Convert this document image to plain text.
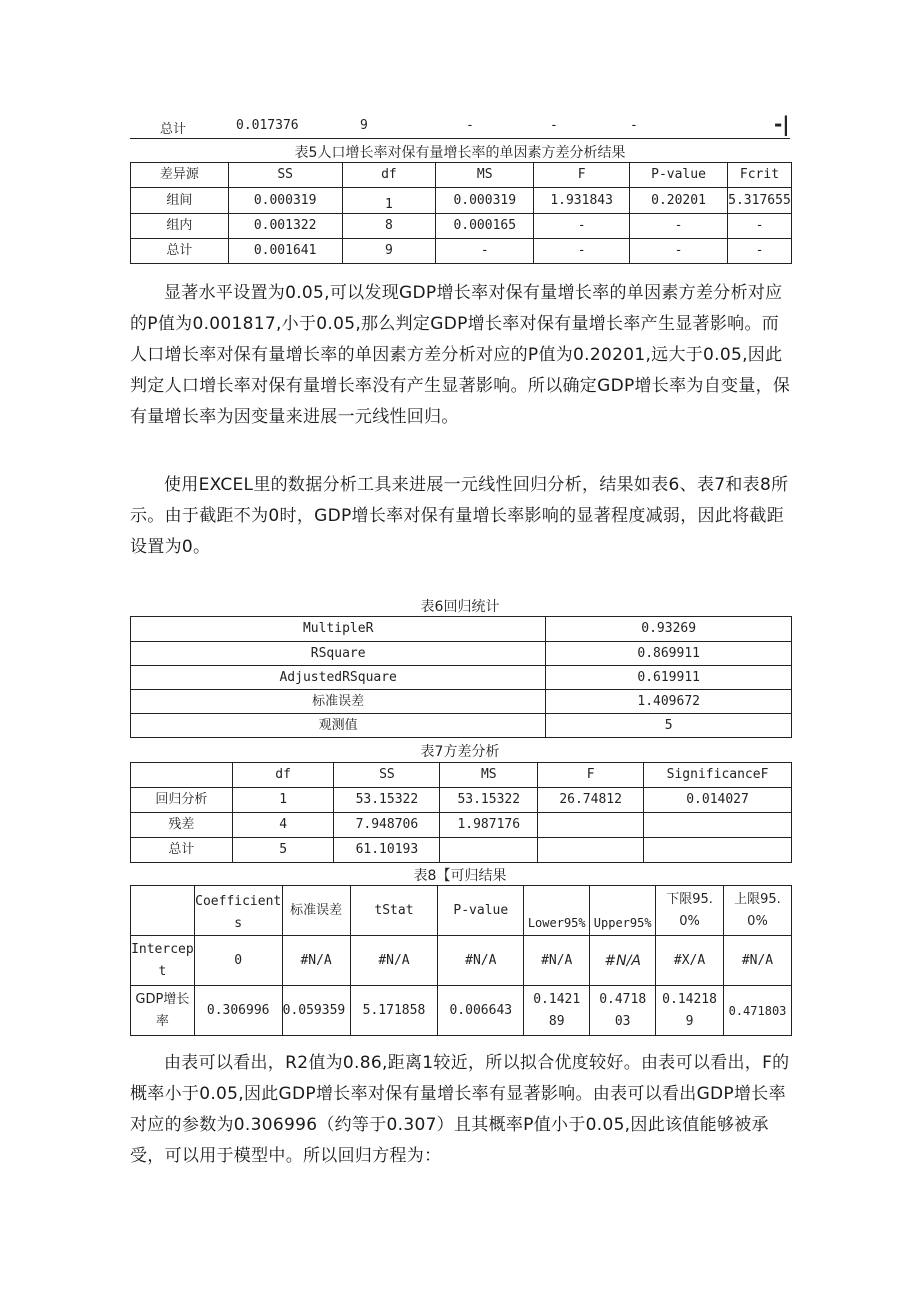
总计	0.017376	9	-	-	-	-|
表5人口增长率对保有量增长率的单因素方差分析结果
差异源	SS	df	MS	F	P-value	Fcrit
组间	0.000319	1	0.000319	1.931843	0.20201	5.317655
组内	0.001322	8	0.000165	-	-	-
总计	0.001641	9	-	-	-	-

显著水平设置为0.05,可以发现GDP增长率对保有量增长率的单因素方差分析对应的P值为0.001817,小于0.05,那么判定GDP增长率对保有量增长率产生显著影响。而人口增长率对保有量增长率的单因素方差分析对应的P值为0.20201,远大于0.05,因此判定人口增长率对保有量增长率没有产生显著影响。所以确定GDP增长率为自变量，保有量增长率为因变量来进展一元线性回归。

使用EXCEL里的数据分析工具来进展一元线性回归分析，结果如表6、表7和表8所示。由于截距不为0时，GDP增长率对保有量增长率影响的显著程度减弱，因此将截距设置为0。

表6回归统计
MultipleR	0.93269
RSquare	0.869911
AdjustedRSquare	0.619911
标准误差	1.409672
观测值	5
表7方差分析
	df	SS	MS	F	SignificanceF
回归分析	1	53.15322	53.15322	26.74812	0.014027
残差	4	7.948706	1.987176		
总计	5	61.10193			
表8【可归结果
	Coefficients	标准误差	tStat	P-value	Lower95%	Upper95%	下限95.0%	上限95.0%
Intercept	0	#N/A	#N/A	#N/A	#N/A	#N/A	#X/A	#N/A
GDP增长率	0.306996	0.059359	5.171858	0.006643	0.142189	0.471803	0.142189	0.471803

由表可以看出，R2值为0.86,距离1较近，所以拟合优度较好。由表可以看出，F的概率小于0.05,因此GDP增长率对保有量增长率有显著影响。由表可以看出GDP增长率对应的参数为0.306996（约等于0.307）且其概率P值小于0.05,因此该值能够被承受，可以用于模型中。所以回归方程为：
